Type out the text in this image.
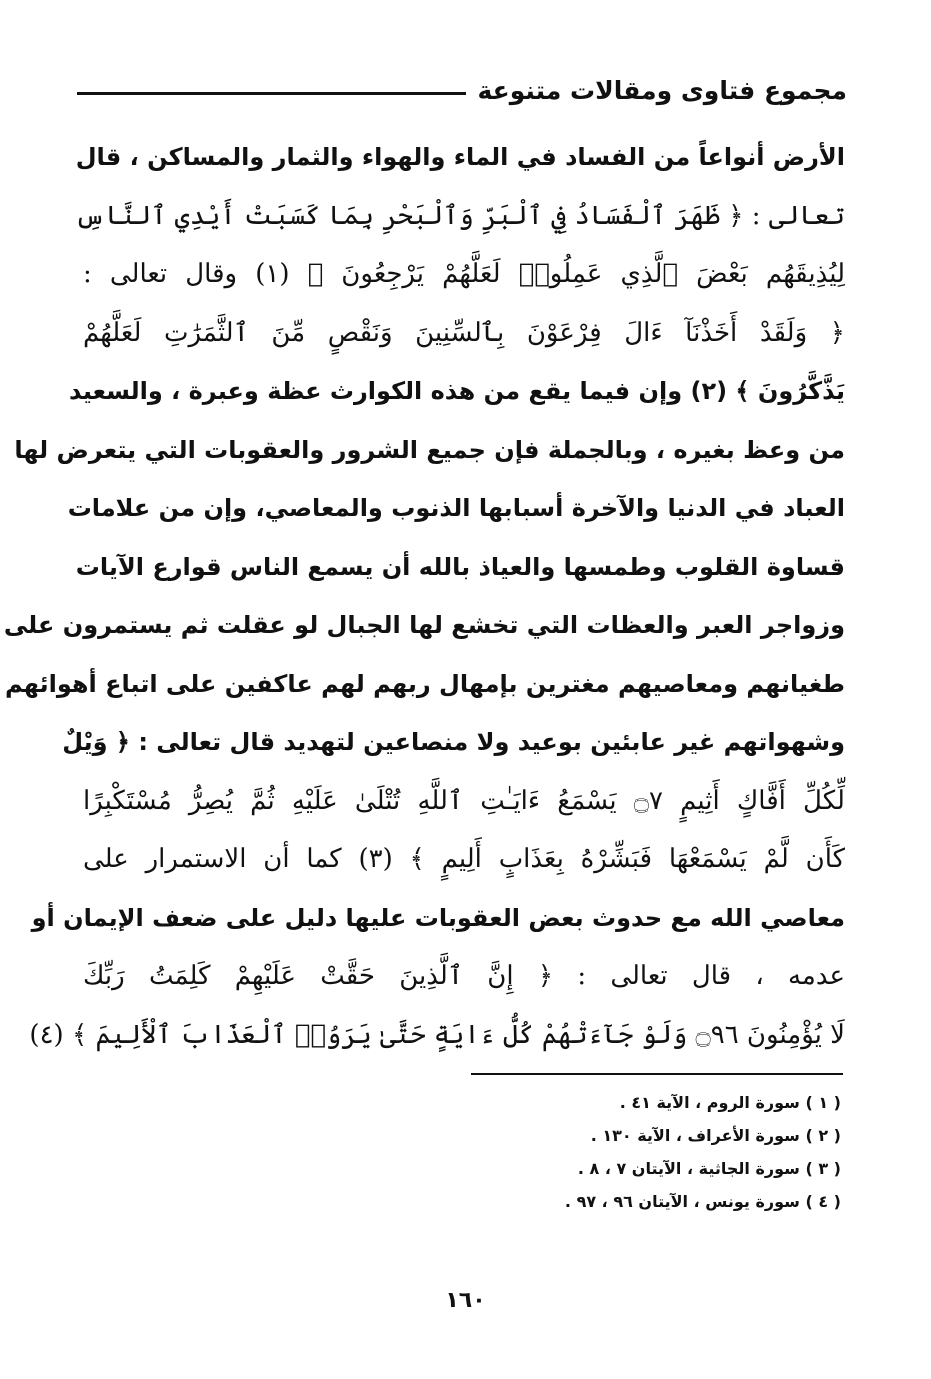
مجموع فتاوى ومقالات متنوعة
الأرض أنواعاً من الفساد في الماء والهواء والثمار والمساكن ، قال
تعالى : ﴿ ظَهَرَ ٱلْفَسَادُ فِي ٱلْبَرِّ وَٱلْبَحْرِ بِمَا كَسَبَتْ أَيْدِي ٱلنَّاسِ
لِيُذِيقَهُم بَعْضَ ٱلَّذِي عَمِلُوا۟ لَعَلَّهُمْ يَرْجِعُونَ ﴾ (١) وقال تعالى :
﴿ وَلَقَدْ أَخَذْنَآ ءَالَ فِرْعَوْنَ بِٱلسِّنِينَ وَنَقْصٍ مِّنَ ٱلثَّمَرَٰتِ لَعَلَّهُمْ
يَذَّكَّرُونَ ﴾ (٢) وإن فيما يقع من هذه الكوارث عظة وعبرة ، والسعيد
من وعظ بغيره ، وبالجملة فإن جميع الشرور والعقوبات التي يتعرض لها
العباد في الدنيا والآخرة أسبابها الذنوب والمعاصي، وإن من علامات
قساوة القلوب وطمسها والعياذ بالله أن يسمع الناس قوارع الآيات
وزواجر العبر والعظات التي تخشع لها الجبال لو عقلت ثم يستمرون على
طغيانهم ومعاصيهم مغترين بإمهال ربهم لهم عاكفين على اتباع أهوائهم
وشهواتهم غير عابئين بوعيد ولا منصاعين لتهديد قال تعالى : ﴿ وَيْلٌ
لِّكُلِّ أَفَّاكٍ أَثِيمٍ ۝٧ يَسْمَعُ ءَايَـٰتِ ٱللَّهِ تُتْلَىٰ عَلَيْهِ ثُمَّ يُصِرُّ مُسْتَكْبِرًا
كَأَن لَّمْ يَسْمَعْهَا فَبَشِّرْهُ بِعَذَابٍ أَلِيمٍ ﴾ (٣) كما أن الاستمرار على
معاصي الله مع حدوث بعض العقوبات عليها دليل على ضعف الإيمان أو
عدمه ، قال تعالى : ﴿ إِنَّ ٱلَّذِينَ حَقَّتْ عَلَيْهِمْ كَلِمَتُ رَبِّكَ
لَا يُؤْمِنُونَ ۝٩٦ وَلَوْ جَآءَتْهُمْ كُلُّ ءَايَةٍ حَتَّىٰ يَرَوُا۟ ٱلْعَذَابَ ٱلْأَلِيمَ ﴾ (٤)
( ١ ) سورة الروم ، الآية ٤١ .
( ٢ ) سورة الأعراف ، الآية ١٣٠ .
( ٣ ) سورة الجاثية ، الآيتان ٧ ، ٨ .
( ٤ ) سورة يونس ، الآيتان ٩٦ ، ٩٧ .
١٦٠
